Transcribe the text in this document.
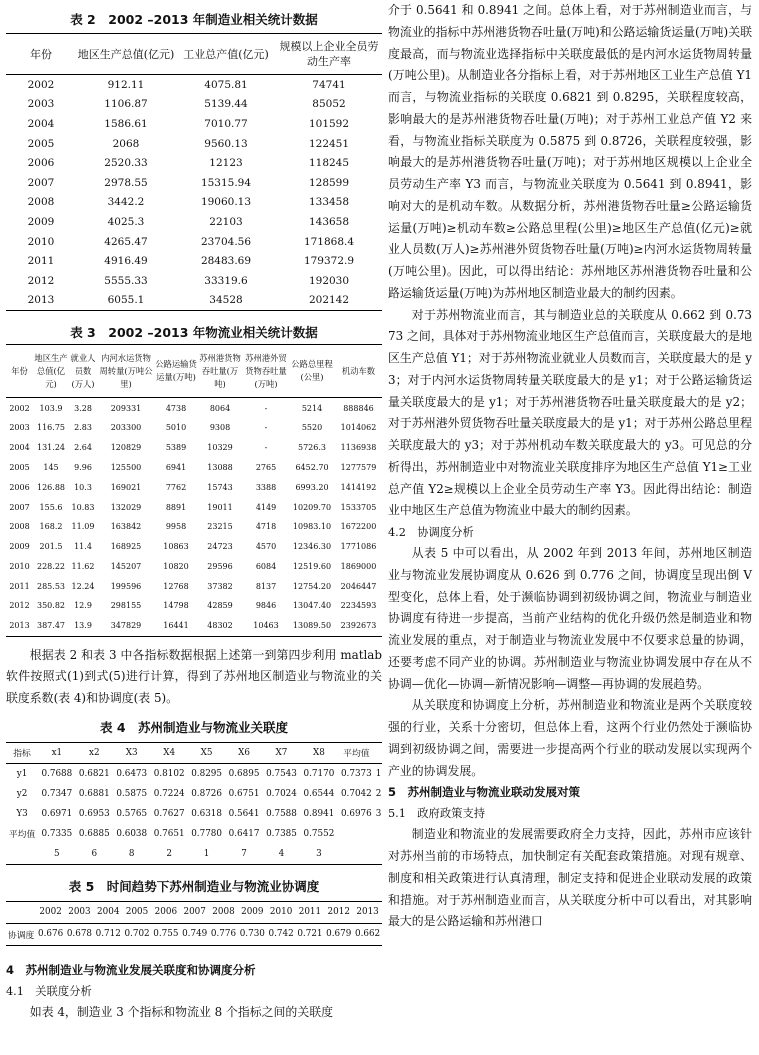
表 2　2002 –2013 年制造业相关统计数据
年份	地区生产总值(亿元)	工业总产值(亿元)	规模以上企业全员劳动生产率
2002	912.11	4075.81	74741
2003	1106.87	5139.44	85052
2004	1586.61	7010.77	101592
2005	2068	9560.13	122451
2006	2520.33	12123	118245
2007	2978.55	15315.94	128599
2008	3442.2	19060.13	133458
2009	4025.3	22103	143658
2010	4265.47	23704.56	171868.4
2011	4916.49	28483.69	179372.9
2012	5555.33	33319.6	192030
2013	6055.1	34528	202142
表 3　2002 –2013 年物流业相关统计数据
年份	地区生产总值(亿元)	就业人员数(万人)	内河水运货物周转量(万吨公里)	公路运输货运量(万吨)	苏州港货物吞吐量(万吨)	苏州港外贸货物吞吐量(万吨)	公路总里程(公里)	机动车数
2002	103.9	3.28	209331	4738	8064	-	5214	888846
2003	116.75	2.83	203300	5010	9308	-	5520	1014062
2004	131.24	2.64	120829	5389	10329	-	5726.3	1136938
2005	145	9.96	125500	6941	13088	2765	6452.70	1277579
2006	126.88	10.3	169021	7762	15743	3388	6993.20	1414192
2007	155.6	10.83	132029	8891	19011	4149	10209.70	1533705
2008	168.2	11.09	163842	9958	23215	4718	10983.10	1672200
2009	201.5	11.4	168925	10863	24723	4570	12346.30	1771086
2010	228.22	11.62	145207	10820	29596	6084	12519.60	1869000
2011	285.53	12.24	199596	12768	37382	8137	12754.20	2046447
2012	350.82	12.9	298155	14798	42859	9846	13047.40	2234593
2013	387.47	13.9	347829	16441	48302	10463	13089.50	2392673

根据表 2 和表 3 中各指标数据根据上述第一到第四步利用 matlab 软件按照式(1)到式(5)进行计算，得到了苏州地区制造业与物流业的关联度系数(表 4)和协调度(表 5)。

表 4　苏州制造业与物流业关联度
指标	x1	x2	X3	X4	X5	X6	X7	X8	平均值	
y1	0.7688	0.6821	0.6473	0.8102	0.8295	0.6895	0.7543	0.7170	0.7373	1
y2	0.7347	0.6881	0.5875	0.7224	0.8726	0.6751	0.7024	0.6544	0.7042	2
Y3	0.6971	0.6953	0.5765	0.7627	0.6318	0.5641	0.7588	0.8941	0.6976	3
平均值	0.7335	0.6885	0.6038	0.7651	0.7780	0.6417	0.7385	0.7552		
	5	6	8	2	1	7	4	3		
表 5　时间趋势下苏州制造业与物流业协调度
	2002	2003	2004	2005	2006	2007	2008	2009	2010	2011	2012	2013
协调度	0.676	0.678	0.712	0.702	0.755	0.749	0.776	0.730	0.742	0.721	0.679	0.662
4　苏州制造业与物流业发展关联度和协调度分析
4.1　关联度分析

如表 4，制造业 3 个指标和物流业 8 个指标之间的关联度

介于 0.5641 和 0.8941 之间。总体上看，对于苏州制造业而言，与物流业的指标中苏州港货物吞吐量(万吨)和公路运输货运量(万吨)关联度最高，而与物流业选择指标中关联度最低的是内河水运货物周转量(万吨公里)。从制造业各分指标上看，对于苏州地区工业生产总值 Y1 而言，与物流业指标的关联度 0.6821 到 0.8295，关联程度较高，影响最大的是苏州港货物吞吐量(万吨)；对于苏州工业总产值 Y2 来看，与物流业指标关联度为 0.5875 到 0.8726，关联程度较强，影响最大的是苏州港货物吞吐量(万吨)；对于苏州地区规模以上企业全员劳动生产率 Y3 而言，与物流业关联度为 0.5641 到 0.8941，影响对大的是机动车数。从数据分析，苏州港货物吞吐量≥公路运输货运量(万吨)≥机动车数≥公路总里程(公里)≥地区生产总值(亿元)≥就业人员数(万人)≥苏州港外贸货物吞吐量(万吨)≥内河水运货物周转量(万吨公里)。因此，可以得出结论：苏州地区苏州港货物吞吐量和公路运输货运量(万吨)为苏州地区制造业最大的制约因素。

对于苏州物流业而言，其与制造业总的关联度从 0.662 到 0.7373 之间，具体对于苏州物流业地区生产总值而言，关联度最大的是地区生产总值 Y1；对于苏州物流业就业人员数而言，关联度最大的是 y3；对于内河水运货物周转量关联度最大的是 y1；对于公路运输货运量关联度最大的是 y1；对于苏州港货物吞吐量关联度最大的是 y2；对于苏州港外贸货物吞吐量关联度最大的是 y1；对于苏州公路总里程关联度最大的 y3；对于苏州机动车数关联度最大的 y3。可见总的分析得出，苏州制造业中对物流业关联度排序为地区生产总值 Y1≥工业总产值 Y2≥规模以上企业全员劳动生产率 Y3。因此得出结论：制造业中地区生产总值为物流业中最大的制约因素。

4.2　协调度分析

从表 5 中可以看出，从 2002 年到 2013 年间，苏州地区制造业与物流业发展协调度从 0.626 到 0.776 之间，协调度呈现出倒 V 型变化，总体上看，处于濒临协调到初级协调之间，物流业与制造业协调度有待进一步提高，当前产业结构的优化升级仍然是制造业和物流业发展的重点，对于制造业与物流业发展中不仅要求总量的协调，还要考虑不同产业的协调。苏州制造业与物流业协调发展中存在从不协调—优化—协调—新情况影响—调整—再协调的发展趋势。

从关联度和协调度上分析，苏州制造业和物流业是两个关联度较强的行业，关系十分密切，但总体上看，这两个行业仍然处于濒临协调到初级协调之间，需要进一步提高两个行业的联动发展以实现两个产业的协调发展。

5　苏州制造业与物流业联动发展对策
5.1　政府政策支持

制造业和物流业的发展需要政府全力支持，因此，苏州市应该针对苏州当前的市场特点，加快制定有关配套政策措施。对现有规章、制度和相关政策进行认真清理，制定支持和促进企业联动发展的政策和措施。对于苏州制造业而言，从关联度分析中可以看出，对其影响最大的是公路运输和苏州港口
